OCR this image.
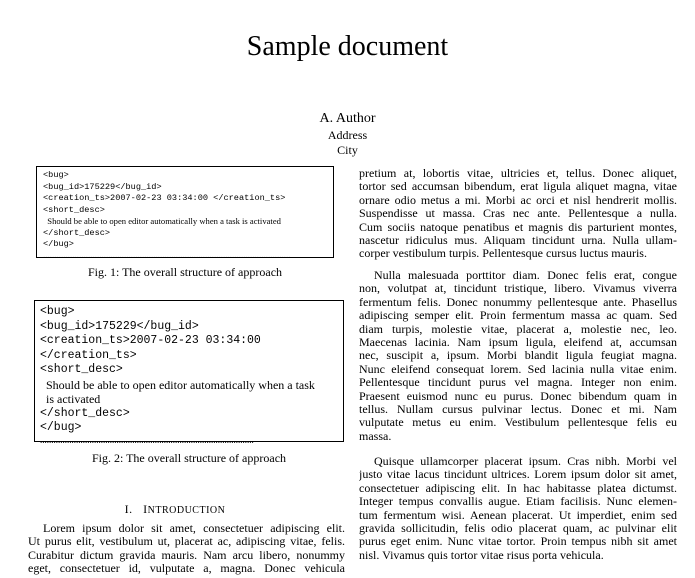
Sample document
A. Author
Address
City
<bug>
<bug_id>175229</bug_id>
<creation_ts>2007-02-23 03:34:00 </creation_ts>
<short_desc>
Should be able to open editor automatically when a task is activated
</short_desc>
</bug>
..............................................................................................................
Fig. 1: The overall structure of approach
<bug>
<bug_id>175229</bug_id>
<creation_ts>2007-02-23 03:34:00
</creation_ts>
<short_desc>
Should be able to open editor automatically when a task
is activated
</short_desc>
</bug>
...............................................................................................
Fig. 2: The overall structure of approach
I. INTRODUCTION
Lorem ipsum dolor sit amet, consectetuer adipiscing elit.
Ut purus elit, vestibulum ut, placerat ac, adipiscing vitae, felis.
Curabitur dictum gravida mauris. Nam arcu libero, nonummy
eget, consectetuer id, vulputate a, magna. Donec vehicula
pretium at, lobortis vitae, ultricies et, tellus. Donec aliquet,
tortor sed accumsan bibendum, erat ligula aliquet magna, vitae
ornare odio metus a mi. Morbi ac orci et nisl hendrerit mollis.
Suspendisse ut massa. Cras nec ante. Pellentesque a nulla.
Cum sociis natoque penatibus et magnis dis parturient montes,
nascetur ridiculus mus. Aliquam tincidunt urna. Nulla ullam-
corper vestibulum turpis. Pellentesque cursus luctus mauris.
Nulla malesuada porttitor diam. Donec felis erat, congue
non, volutpat at, tincidunt tristique, libero. Vivamus viverra
fermentum felis. Donec nonummy pellentesque ante. Phasellus
adipiscing semper elit. Proin fermentum massa ac quam. Sed
diam turpis, molestie vitae, placerat a, molestie nec, leo.
Maecenas lacinia. Nam ipsum ligula, eleifend at, accumsan
nec, suscipit a, ipsum. Morbi blandit ligula feugiat magna.
Nunc eleifend consequat lorem. Sed lacinia nulla vitae enim.
Pellentesque tincidunt purus vel magna. Integer non enim.
Praesent euismod nunc eu purus. Donec bibendum quam in
tellus. Nullam cursus pulvinar lectus. Donec et mi. Nam
vulputate metus eu enim. Vestibulum pellentesque felis eu
massa.
Quisque ullamcorper placerat ipsum. Cras nibh. Morbi vel
justo vitae lacus tincidunt ultrices. Lorem ipsum dolor sit amet,
consectetuer adipiscing elit. In hac habitasse platea dictumst.
Integer tempus convallis augue. Etiam facilisis. Nunc elemen-
tum fermentum wisi. Aenean placerat. Ut imperdiet, enim sed
gravida sollicitudin, felis odio placerat quam, ac pulvinar elit
purus eget enim. Nunc vitae tortor. Proin tempus nibh sit amet
nisl. Vivamus quis tortor vitae risus porta vehicula.
